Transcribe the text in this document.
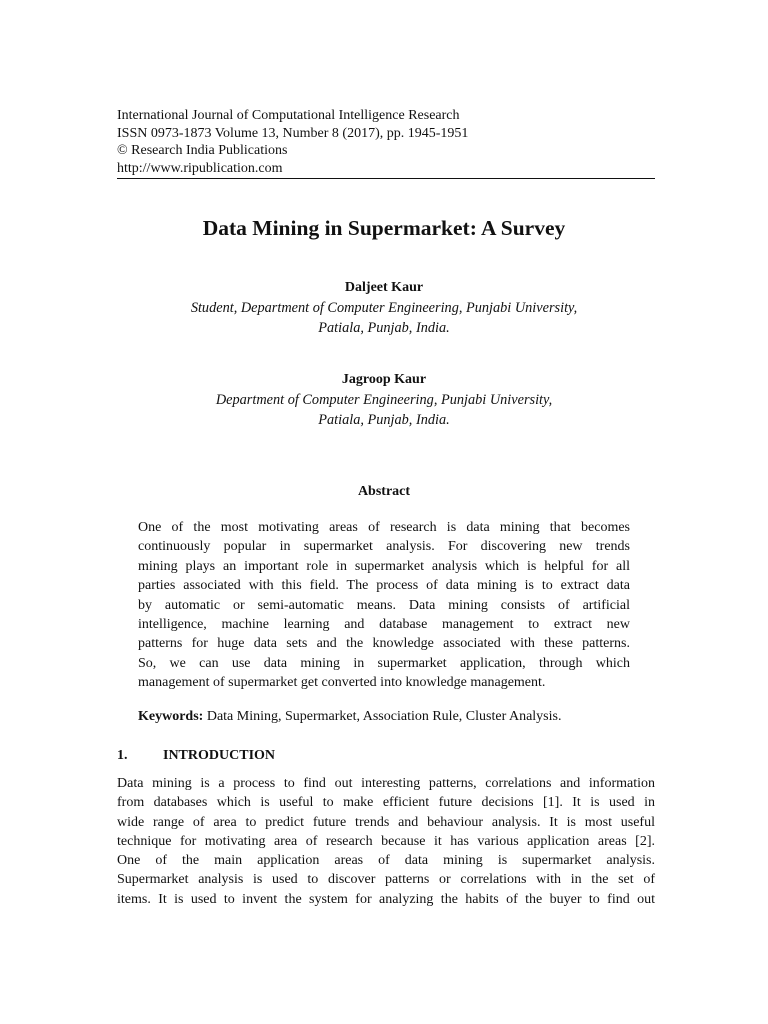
International Journal of Computational Intelligence Research
ISSN 0973-1873 Volume 13, Number 8 (2017), pp. 1945-1951
© Research India Publications
http://www.ripublication.com
Data Mining in Supermarket: A Survey
Daljeet Kaur
Student, Department of Computer Engineering, Punjabi University,
Patiala, Punjab, India.
Jagroop Kaur
Department of Computer Engineering, Punjabi University,
Patiala, Punjab, India.
Abstract
One of the most motivating areas of research is data mining that becomes
continuously popular in supermarket analysis. For discovering new trends
mining plays an important role in supermarket analysis which is helpful for all
parties associated with this field. The process of data mining is to extract data
by automatic or semi-automatic means. Data mining consists of artificial
intelligence, machine learning and database management to extract new
patterns for huge data sets and the knowledge associated with these patterns.
So, we can use data mining in supermarket application, through which
management of supermarket get converted into knowledge management.
Keywords: Data Mining, Supermarket, Association Rule, Cluster Analysis.
1.	INTRODUCTION
Data mining is a process to find out interesting patterns, correlations and information
from databases which is useful to make efficient future decisions [1]. It is used in
wide range of area to predict future trends and behaviour analysis. It is most useful
technique for motivating area of research because it has various application areas [2].
One of the main application areas of data mining is supermarket analysis.
Supermarket analysis is used to discover patterns or correlations with in the set of
items. It is used to invent the system for analyzing the habits of the buyer to find out
